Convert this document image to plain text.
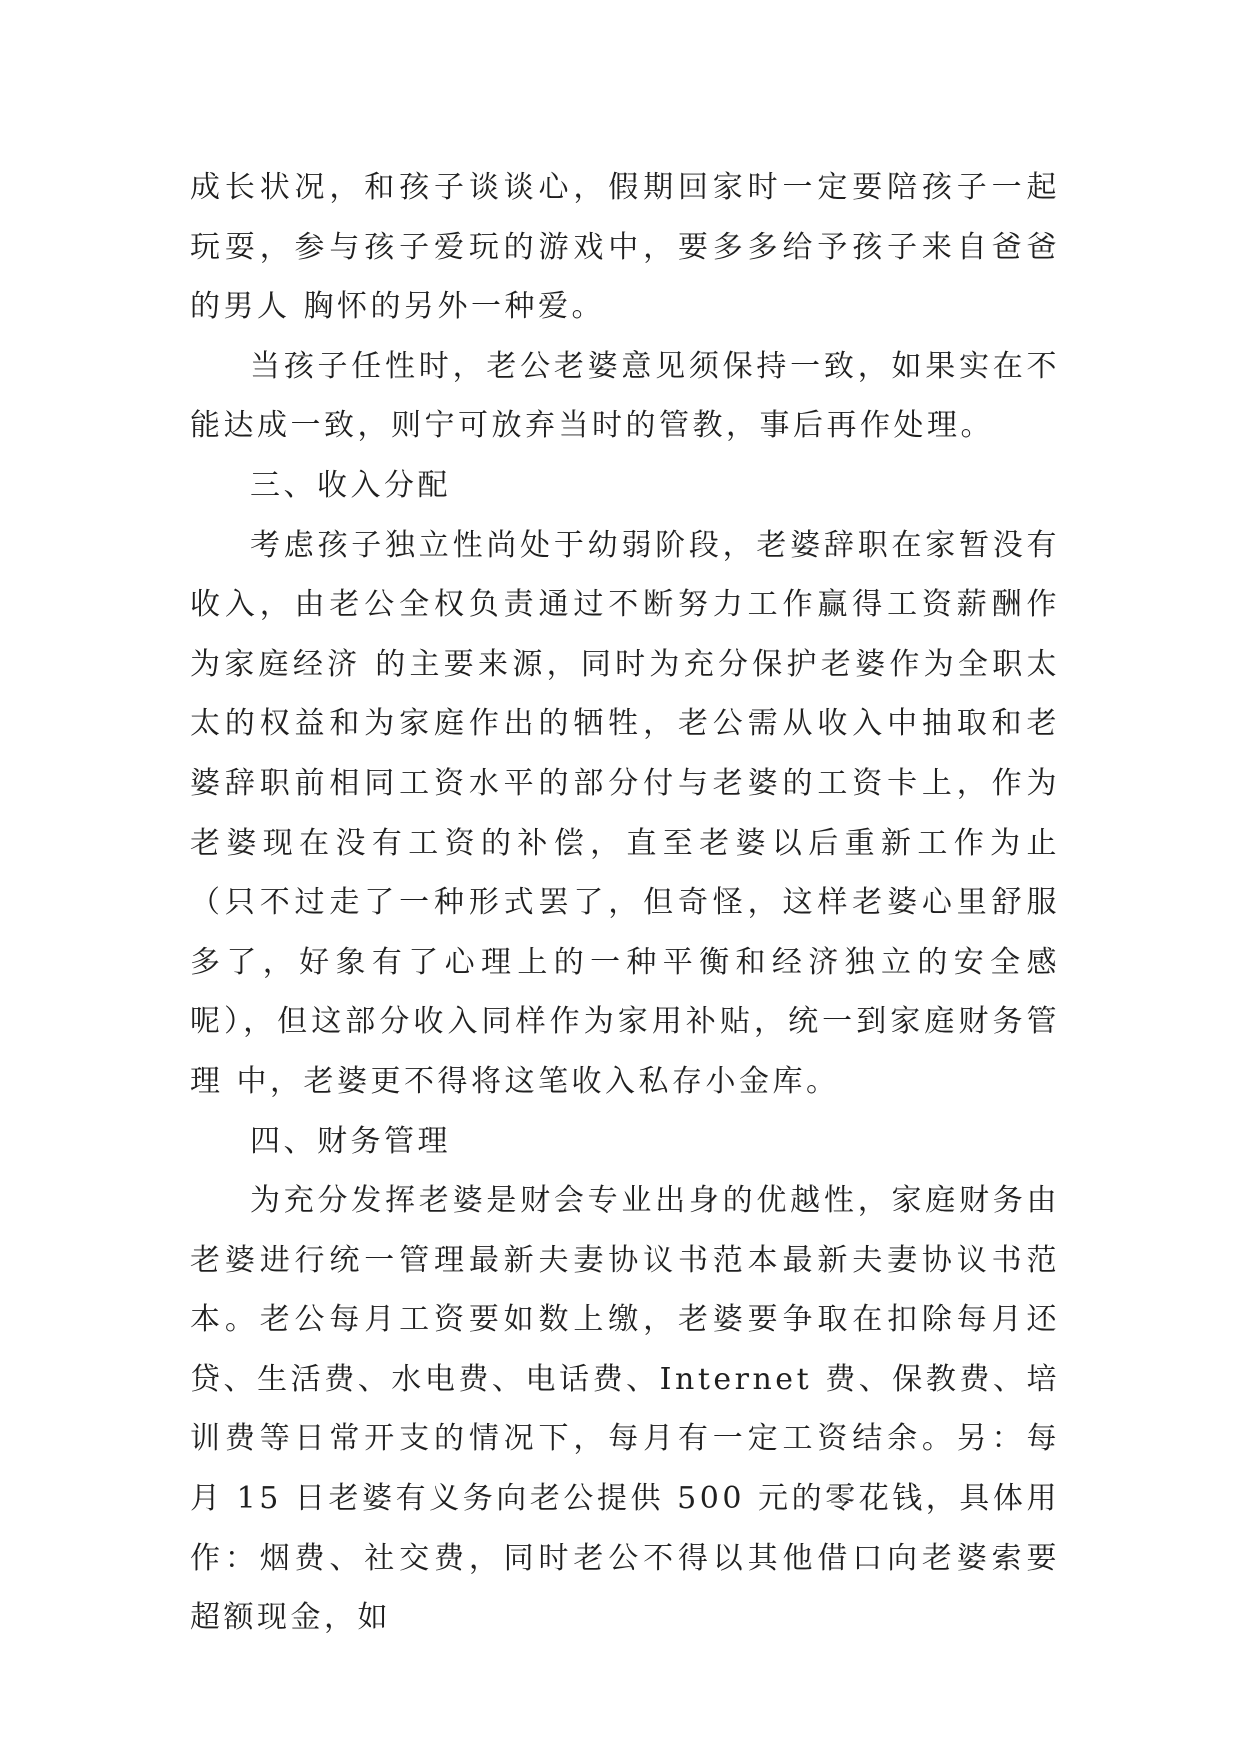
成长状况，和孩子谈谈心，假期回家时一定要陪孩子一起玩耍，参与孩子爱玩的游戏中，要多多给予孩子来自爸爸的男人 胸怀的另外一种爱。

当孩子任性时，老公老婆意见须保持一致，如果实在不能达成一致，则宁可放弃当时的管教，事后再作处理。

三、收入分配

考虑孩子独立性尚处于幼弱阶段，老婆辞职在家暂没有收入，由老公全权负责通过不断努力工作赢得工资薪酬作为家庭经济 的主要来源，同时为充分保护老婆作为全职太太的权益和为家庭作出的牺牲，老公需从收入中抽取和老婆辞职前相同工资水平的部分付与老婆的工资卡上，作为老婆现在没有工资的补偿，直至老婆以后重新工作为止（只不过走了一种形式罢了，但奇怪，这样老婆心里舒服多了，好象有了心理上的一种平衡和经济独立的安全感呢），但这部分收入同样作为家用补贴，统一到家庭财务管理 中，老婆更不得将这笔收入私存小金库。

四、财务管理

为充分发挥老婆是财会专业出身的优越性，家庭财务由老婆进行统一管理最新夫妻协议书范本最新夫妻协议书范本。老公每月工资要如数上缴，老婆要争取在扣除每月还贷、生活费、水电费、电话费、Internet 费、保教费、培训费等日常开支的情况下，每月有一定工资结余。另：每月 15 日老婆有义务向老公提供 500 元的零花钱，具体用作：烟费、社交费，同时老公不得以其他借口向老婆索要超额现金，如
